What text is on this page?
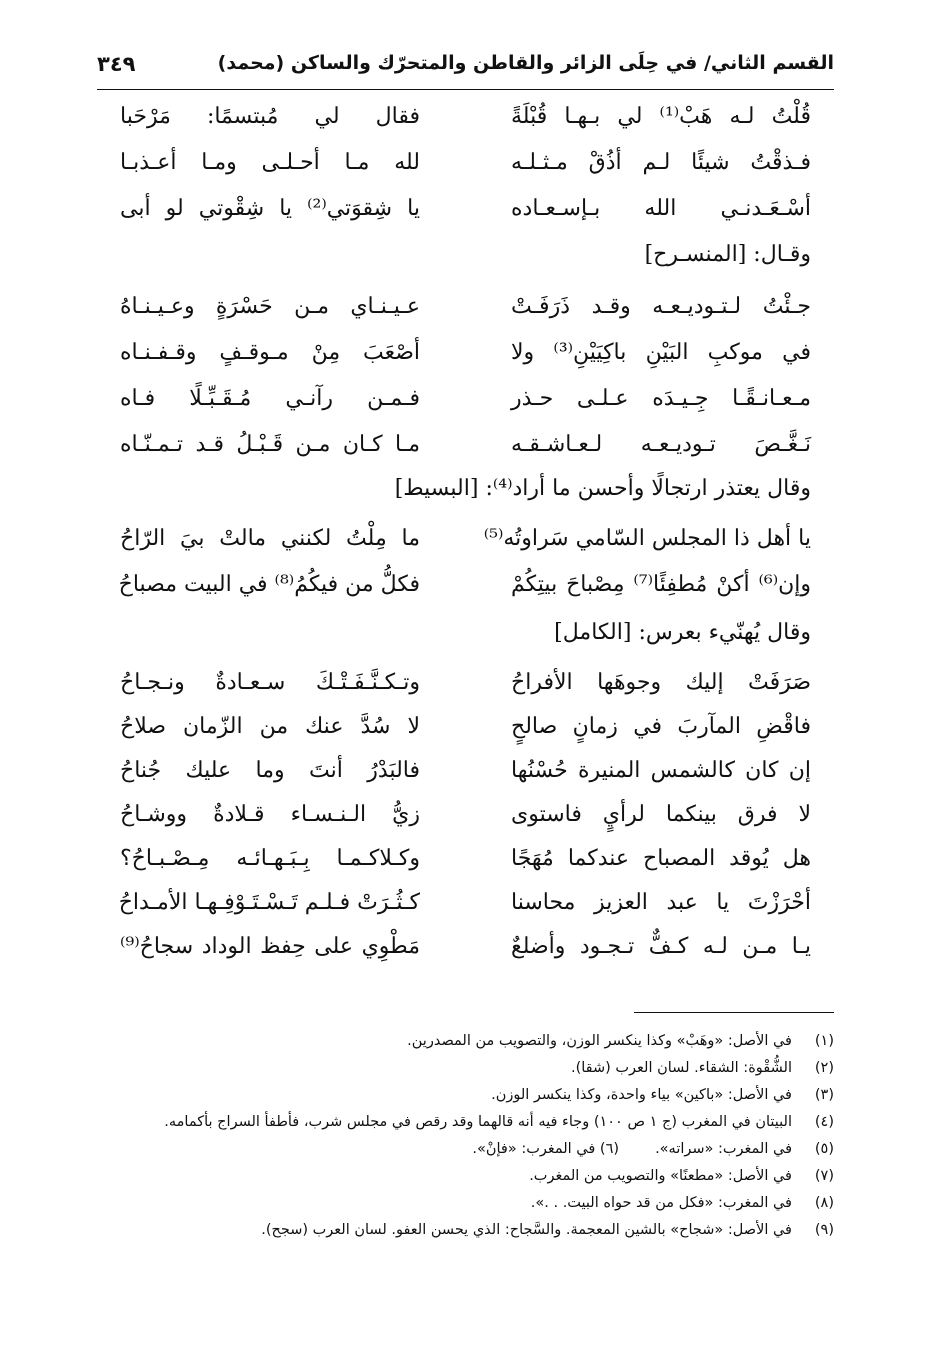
القسم الثاني/ في حِلَى الزائر والقاطن والمتحرّك والساكن (محمد)
٣٤٩
قُلْتُ لـه هَبْ⁽¹⁾ لي بـهـا قُبْلَةً
فقال لي مُبتسمًا: مَرْحَبا
فـذقْتُ شيئًا لـم أذُقْ مـثـلـه
لله مـا أحـلـى ومـا أعـذبـا
أسْـعَـدنـي الله بـإسـعـاده
يا شِقوَتي⁽²⁾ يا شِقْوتي لو أبى
وقـال: [المنسـرح]
جـئْتُ لـتـوديـعـه وقـد ذَرَفَـتْ
عـيـنـاي مـن حَسْرَةٍ وعـيـنـاهُ
في موكبِ البَيْنِ باكِيَيْنِ⁽³⁾ ولا
أصْعَبَ مِنْ مـوقـفٍ وقـفـنـاه
مـعـانـقًـا جِـيـدَه عـلـى حـذر
فـمـن رآنـي مُـقَـبِّـلًا فـاه
نَـغَّـصَ تـوديـعـه لـعـاشـقـه
مـا كـان مـن قَـبْـلُ قـد تـمـنّـاه
وقال يعتذر ارتجالًا وأحسن ما أراد⁽⁴⁾: [البسيط]
يا أهل ذا المجلس السّامي سَراوتُه⁽⁵⁾
ما مِلْتُ لكنني مالتْ بيَ الرّاحُ
وإن⁽⁶⁾ أكنْ مُطفِئًا⁽⁷⁾ مِصْباحَ بيتِكُمْ
فكلُّ من فيكُمُ⁽⁸⁾ في البيت مصباحُ
وقال يُهنّيء بعرس: [الكامل]
صَرَفَتْ إليك وجوهَها الأفراحُ
وتـكـنَّـفَـتْـكَ سـعـادةٌ ونـجـاحُ
فاقْضِ المآربَ في زمانٍ صالحٍ
لا سُدَّ عنك من الزّمان صلاحُ
إن كان كالشمس المنيرة حُسْنُها
فالبَدْرُ أنتَ وما عليك جُناحُ
لا فرق بينكما لرأيٍ فاستوى
زيُّ الـنـسـاء قـلادةٌ ووشـاحُ
هل يُوقد المصباح عندكما مُهَجًا
وكـلاكـمـا بِـبَـهـائـه مِـصْـبـاحُ؟
أحْرَزْتَ يا عبد العزيز محاسنا
كـثُـرَتْ فـلـم تَـسْـتَـوْفِـهـا الأمـداحُ
يـا مـن لـه كـفٌّ تـجـود وأضلعٌ
مَطْوِي على حِفظ الوداد سجاحُ⁽⁹⁾
(١)
في الأصل: «وهَبْ» وكذا ينكسر الوزن، والتصويب من المصدرين.
(٢)
الشُّقْوة: الشقاء. لسان العرب (شقا).
(٣)
في الأصل: «باكين» بياء واحدة، وكذا ينكسر الوزن.
(٤)
البيتان في المغرب (ج ١ ص ١٠٠) وجاء فيه أنه قالهما وقد رقص في مجلس شرب، فأطفأ السراج بأكمامه.
(٥)
في المغرب: «سراته».(٦) في المغرب: «فإنْ».
(٧)
في الأصل: «مطعنًا» والتصويب من المغرب.
(٨)
في المغرب: «فكل من قد حواه البيت. . .».
(٩)
في الأصل: «شجاح» بالشين المعجمة. والسَّجاح: الذي يحسن العفو. لسان العرب (سجح).
